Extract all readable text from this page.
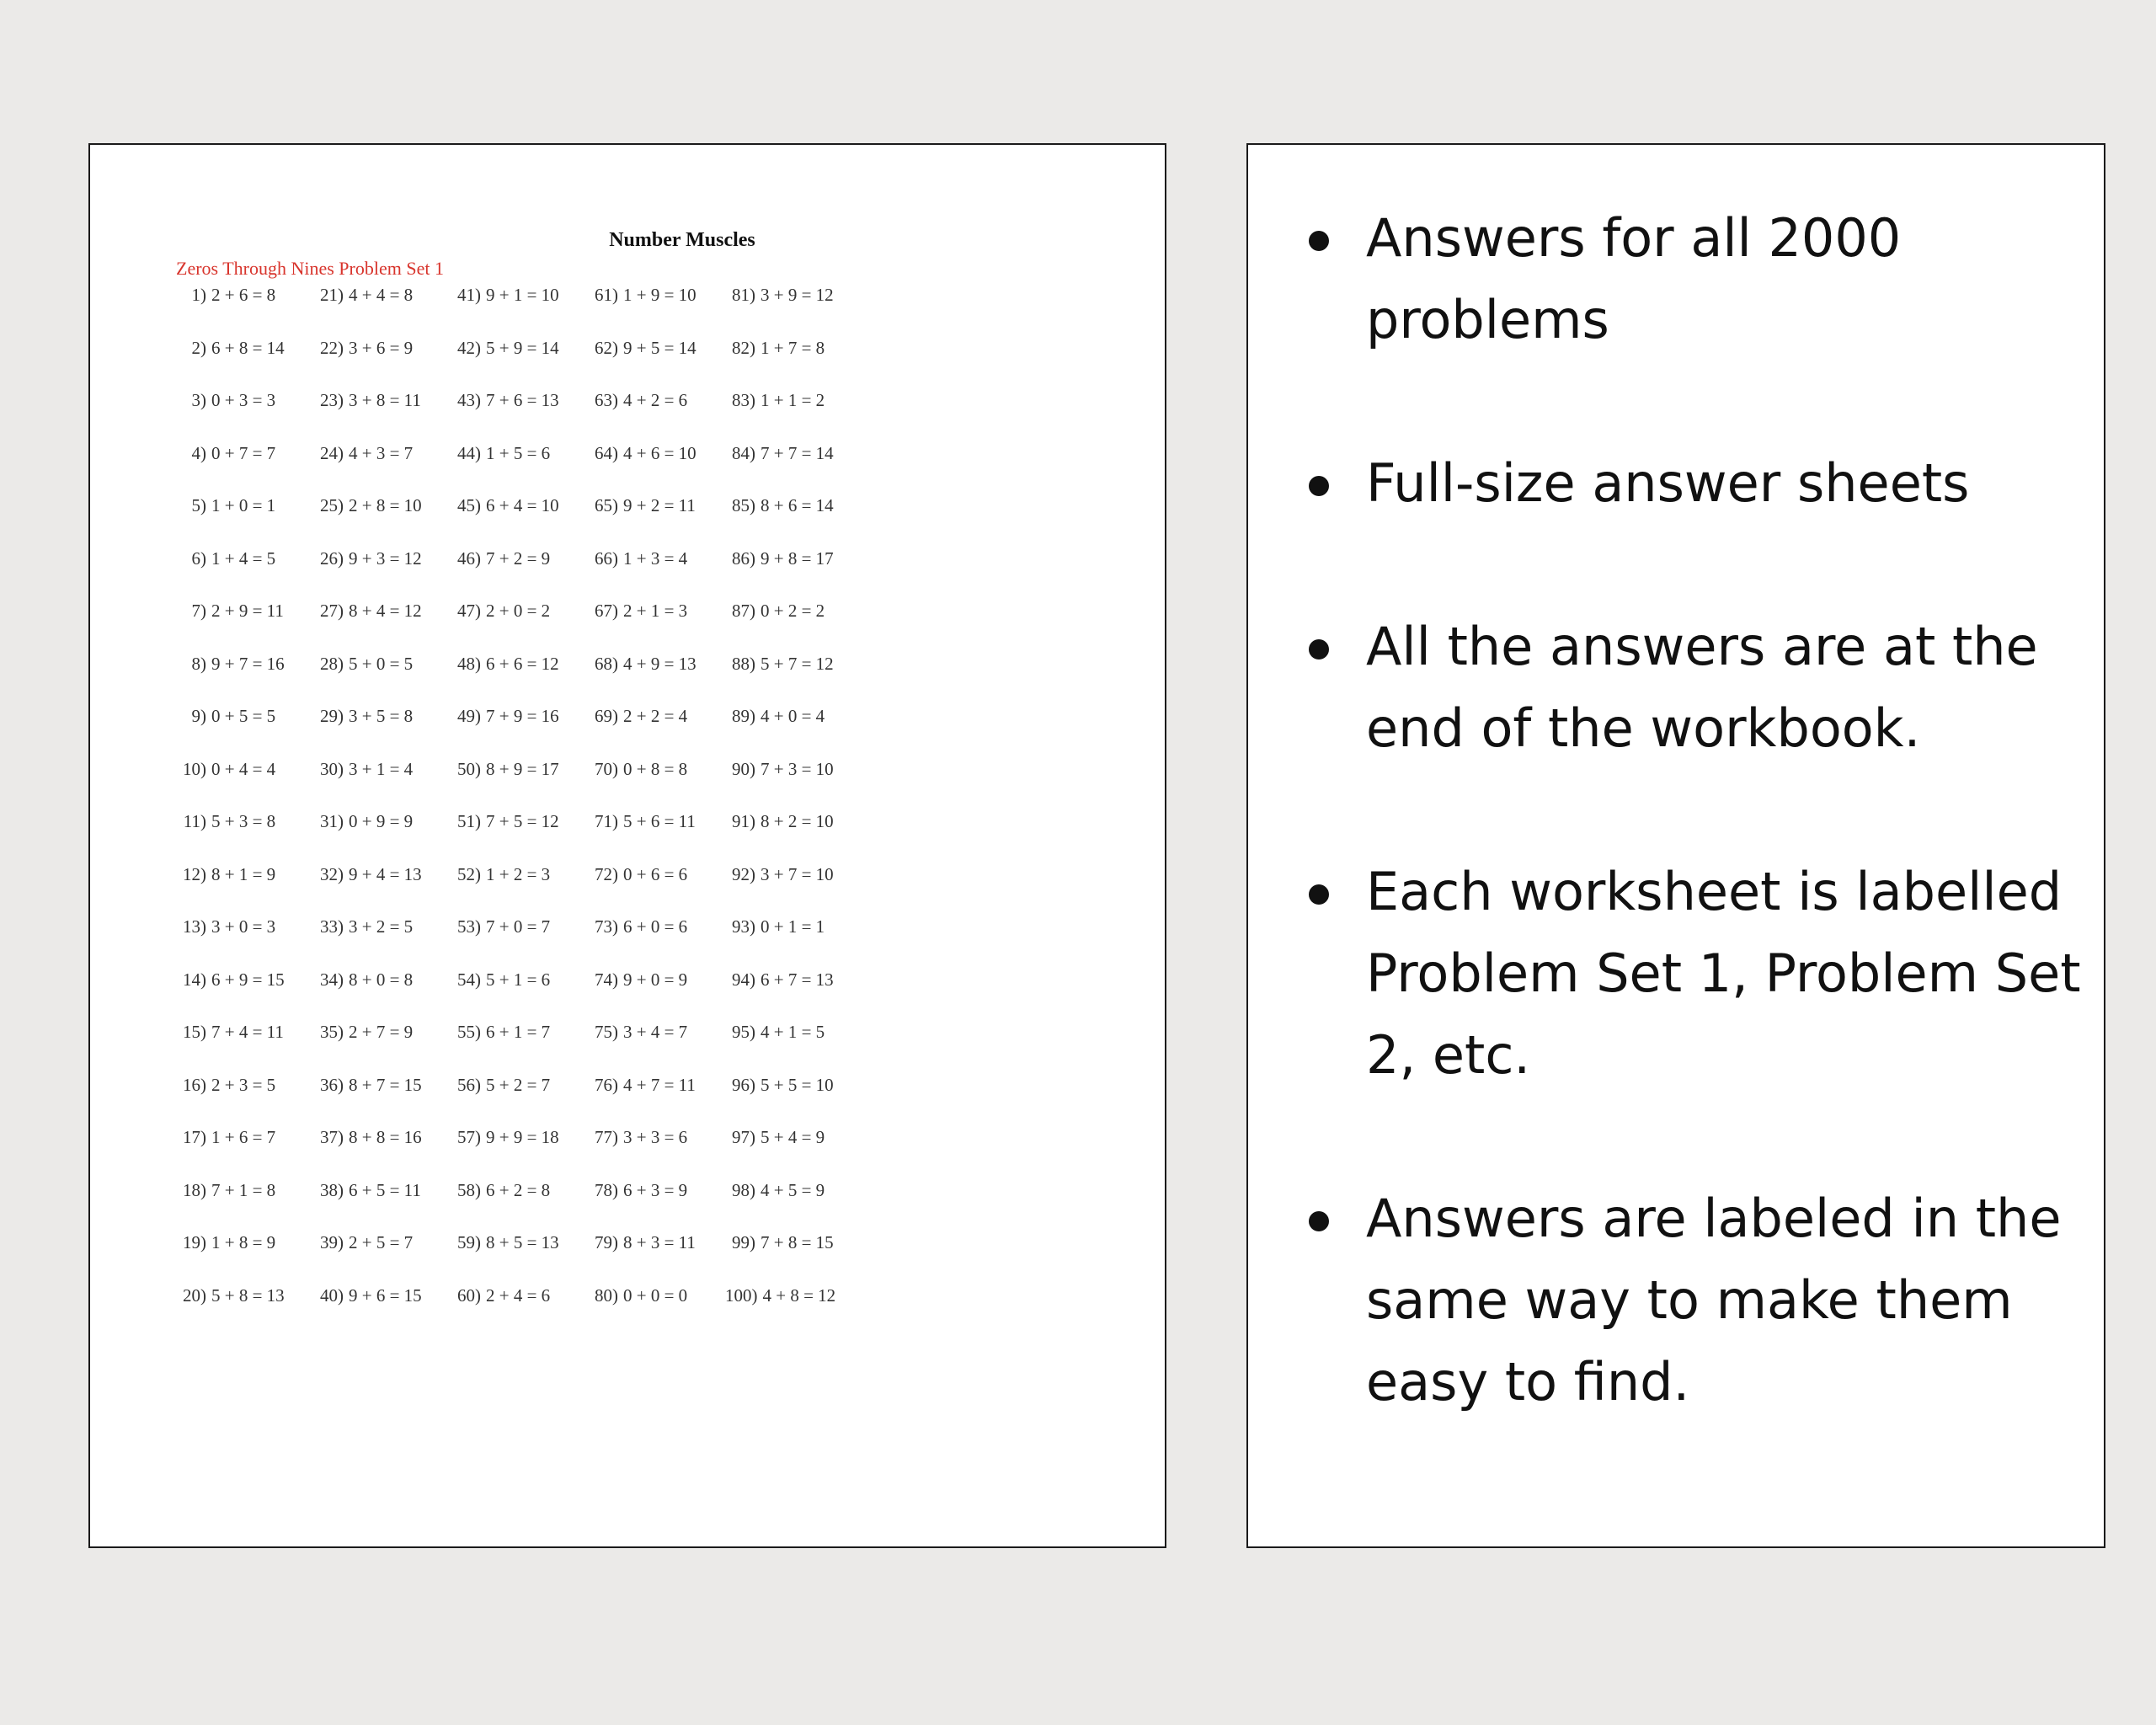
Number Muscles
Zeros Through Nines Problem Set 1
1) 2 + 6 = 8
2) 6 + 8 = 14
3) 0 + 3 = 3
4) 0 + 7 = 7
5) 1 + 0 = 1
6) 1 + 4 = 5
7) 2 + 9 = 11
8) 9 + 7 = 16
9) 0 + 5 = 5
10) 0 + 4 = 4
11) 5 + 3 = 8
12) 8 + 1 = 9
13) 3 + 0 = 3
14) 6 + 9 = 15
15) 7 + 4 = 11
16) 2 + 3 = 5
17) 1 + 6 = 7
18) 7 + 1 = 8
19) 1 + 8 = 9
20) 5 + 8 = 13
21) 4 + 4 = 8
22) 3 + 6 = 9
23) 3 + 8 = 11
24) 4 + 3 = 7
25) 2 + 8 = 10
26) 9 + 3 = 12
27) 8 + 4 = 12
28) 5 + 0 = 5
29) 3 + 5 = 8
30) 3 + 1 = 4
31) 0 + 9 = 9
32) 9 + 4 = 13
33) 3 + 2 = 5
34) 8 + 0 = 8
35) 2 + 7 = 9
36) 8 + 7 = 15
37) 8 + 8 = 16
38) 6 + 5 = 11
39) 2 + 5 = 7
40) 9 + 6 = 15
41) 9 + 1 = 10
42) 5 + 9 = 14
43) 7 + 6 = 13
44) 1 + 5 = 6
45) 6 + 4 = 10
46) 7 + 2 = 9
47) 2 + 0 = 2
48) 6 + 6 = 12
49) 7 + 9 = 16
50) 8 + 9 = 17
51) 7 + 5 = 12
52) 1 + 2 = 3
53) 7 + 0 = 7
54) 5 + 1 = 6
55) 6 + 1 = 7
56) 5 + 2 = 7
57) 9 + 9 = 18
58) 6 + 2 = 8
59) 8 + 5 = 13
60) 2 + 4 = 6
61) 1 + 9 = 10
62) 9 + 5 = 14
63) 4 + 2 = 6
64) 4 + 6 = 10
65) 9 + 2 = 11
66) 1 + 3 = 4
67) 2 + 1 = 3
68) 4 + 9 = 13
69) 2 + 2 = 4
70) 0 + 8 = 8
71) 5 + 6 = 11
72) 0 + 6 = 6
73) 6 + 0 = 6
74) 9 + 0 = 9
75) 3 + 4 = 7
76) 4 + 7 = 11
77) 3 + 3 = 6
78) 6 + 3 = 9
79) 8 + 3 = 11
80) 0 + 0 = 0
81) 3 + 9 = 12
82) 1 + 7 = 8
83) 1 + 1 = 2
84) 7 + 7 = 14
85) 8 + 6 = 14
86) 9 + 8 = 17
87) 0 + 2 = 2
88) 5 + 7 = 12
89) 4 + 0 = 4
90) 7 + 3 = 10
91) 8 + 2 = 10
92) 3 + 7 = 10
93) 0 + 1 = 1
94) 6 + 7 = 13
95) 4 + 1 = 5
96) 5 + 5 = 10
97) 5 + 4 = 9
98) 4 + 5 = 9
99) 7 + 8 = 15
100) 4 + 8 = 12
Answers for all 2000 problems
Full-size answer sheets
All the answers are at the end of the workbook.
Each worksheet is labelled Problem Set 1, Problem Set 2, etc.
Answers are labeled in the same way to make them easy to find.
